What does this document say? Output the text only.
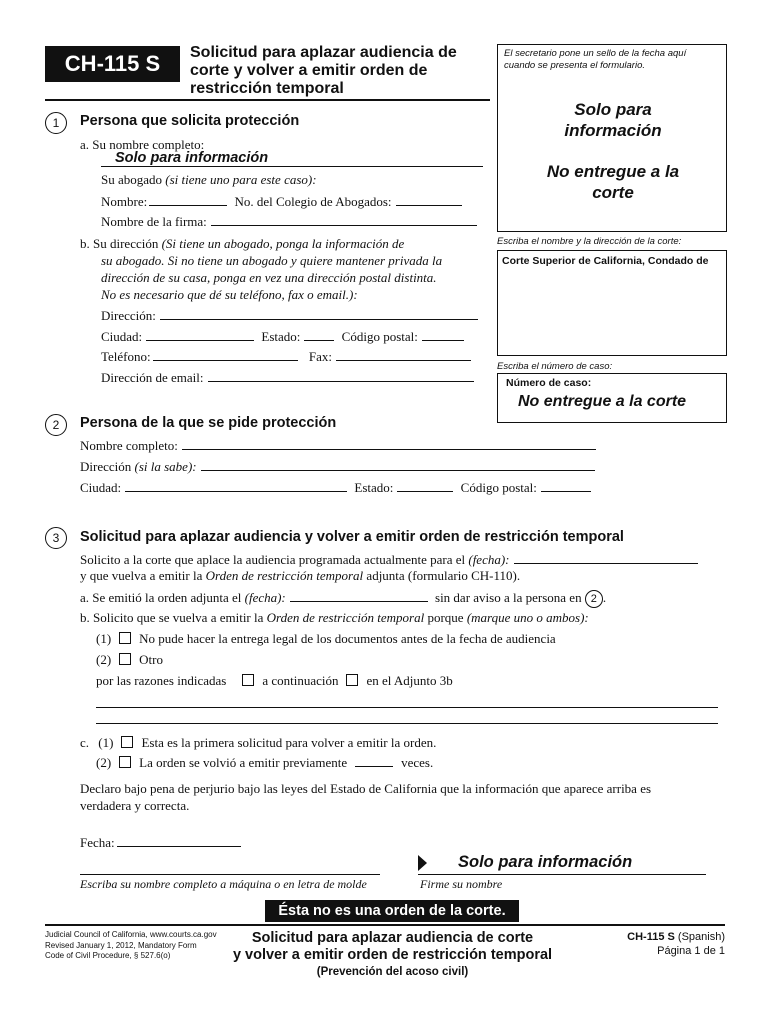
CH-115 S	Solicitud para aplazar audiencia de
corte y volver a emitir orden de
restricción temporal
El secretario pone un sello de la fecha aquí cuando se presenta el formulario.
Solo para información
No entregue a la corte
Escriba el nombre y la dirección de la corte:
Corte Superior de California, Condado de
Escriba el número de caso:
Número de caso:
No entregue a la corte
1	Persona que solicita protección
a. Su nombre completo:
Solo para información
Su abogado (si tiene uno para este caso):
Nombre:	No. del Colegio de Abogados:
Nombre de la firma:
b. Su dirección (Si tiene un abogado, ponga la información de
su abogado. Si no tiene un abogado y quiere mantener privada la
dirección de su casa, ponga en vez una dirección postal distinta.
No es necesario que dé su teléfono, fax o email.):
Dirección:
Ciudad:	Estado:	Código postal:
Teléfono:	Fax:
Dirección de email:
2	Persona de la que se pide protección
Nombre completo:
Dirección (si la sabe):
Ciudad:	Estado:	Código postal:
3	Solicitud para aplazar audiencia y volver a emitir orden de restricción temporal
Solicito a la corte que aplace la audiencia programada actualmente para el (fecha):
y que vuelva a emitir la Orden de restricción temporal adjunta (formulario CH-110).
a. Se emitió la orden adjunta el (fecha):	sin dar aviso a la persona en 2 .
b. Solicito que se vuelva a emitir la Orden de restricción temporal porque (marque uno o ambos):
(1) No pude hacer la entrega legal de los documentos antes de la fecha de audiencia
(2) Otro
por las razones indicadas	a continuación en el Adjunto 3b
c. (1) Esta es la primera solicitud para volver a emitir la orden.
(2) La orden se volvió a emitir previamente	veces.
Declaro bajo pena de perjurio bajo las leyes del Estado de California que la información que aparece arriba es
verdadera y correcta.
Fecha:
Solo para información
Escriba su nombre completo a máquina o en letra de molde	Firme su nombre
Ésta no es una orden de la corte.
Judicial Council of California, www.courts.ca.gov
Revised January 1, 2012, Mandatory Form
Code of Civil Procedure, § 527.6(o)
Solicitud para aplazar audiencia de corte
y volver a emitir orden de restricción temporal
(Prevención del acoso civil)
CH-115 S (Spanish)
Página 1 de 1
